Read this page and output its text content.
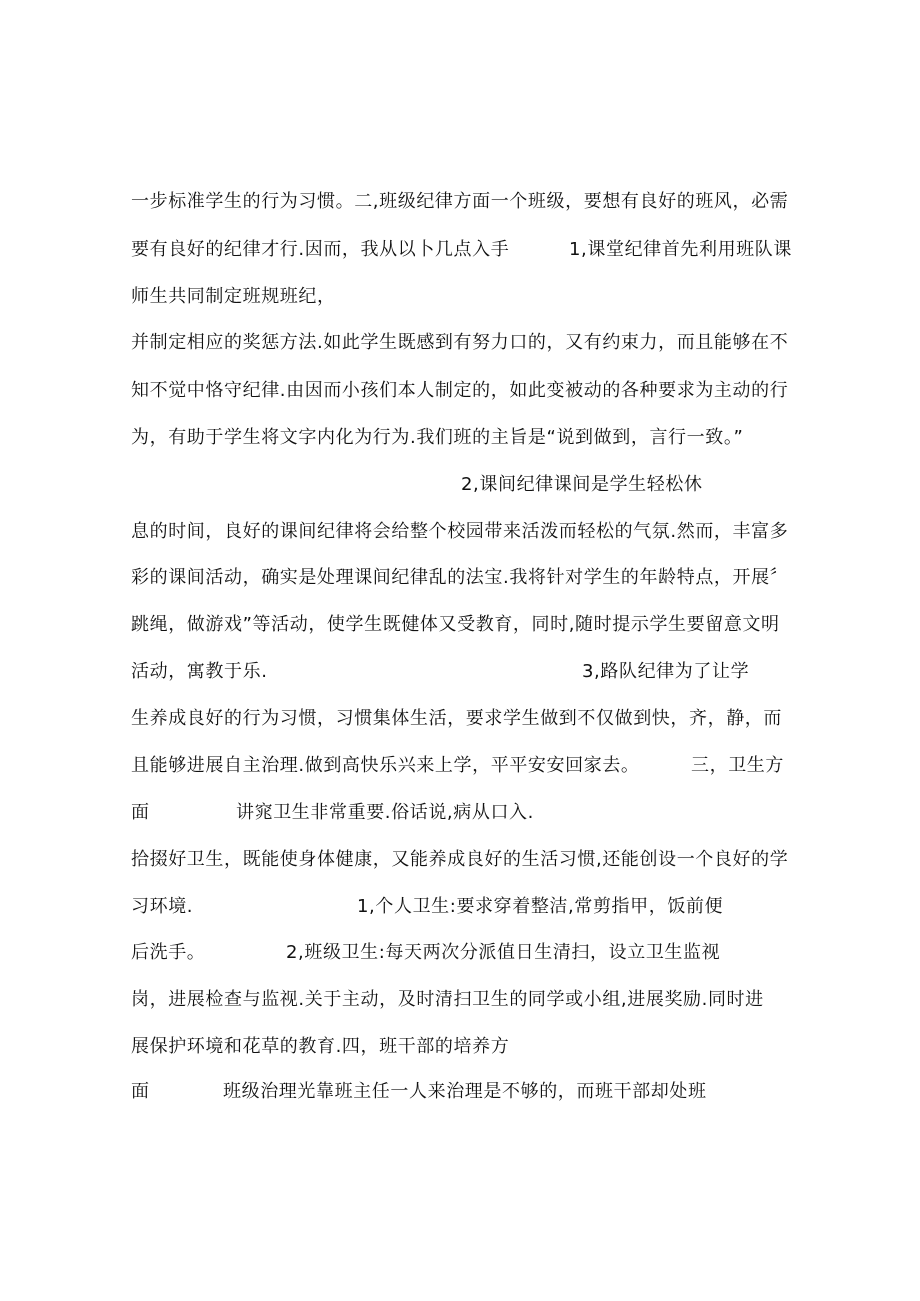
一步标准学生的行为习惯。二,班级纪律方面一个班级，要想有良好的班风，必需
要有良好的纪律才行.因而，我从以卜几点入手	1,课堂纪律首先利用班队课
师生共同制定班规班纪，
并制定相应的奖惩方法.如此学生既感到有努力口的，又有约束力，而且能够在不
知不觉中恪守纪律.由因而小孩们本人制定的，如此变被动的各种要求为主动的行
为，有助于学生将文字内化为行为.我们班的主旨是“说到做到，言行一致。”
2,课间纪律课间是学生轻松休
息的时间，良好的课间纪律将会给整个校园带来活泼而轻松的气氛.然而，丰富多
彩的课间活动，确实是处理课间纪律乱的法宝.我将针对学生的年龄特点，开展〞
跳绳，做游戏”等活动，使学生既健体又受教育，同时,随时提示学生要留意文明
活动，寓教于乐.	3,路队纪律为了让学
生养成良好的行为习惯，习惯集体生活，要求学生做到不仅做到快，齐，静，而
且能够进展自主治理.做到高快乐兴来上学，平平安安回家去。	三，卫生方
面	讲窕卫生非常重要.俗话说,病从口入.
拾掇好卫生，既能使身体健康，又能养成良好的生活习惯,还能创设一个良好的学
习环境.	1,个人卫生:要求穿着整洁,常剪指甲，饭前便
后洗手。	2,班级卫生:每天两次分派值日生清扫，设立卫生监视
岗，进展检查与监视.关于主动，及时清扫卫生的同学或小组,进展奖励.同时进
展保护环境和花草的教育.四，班干部的培养方
面	班级治理光靠班主任一人来治理是不够的，而班干部却处班
